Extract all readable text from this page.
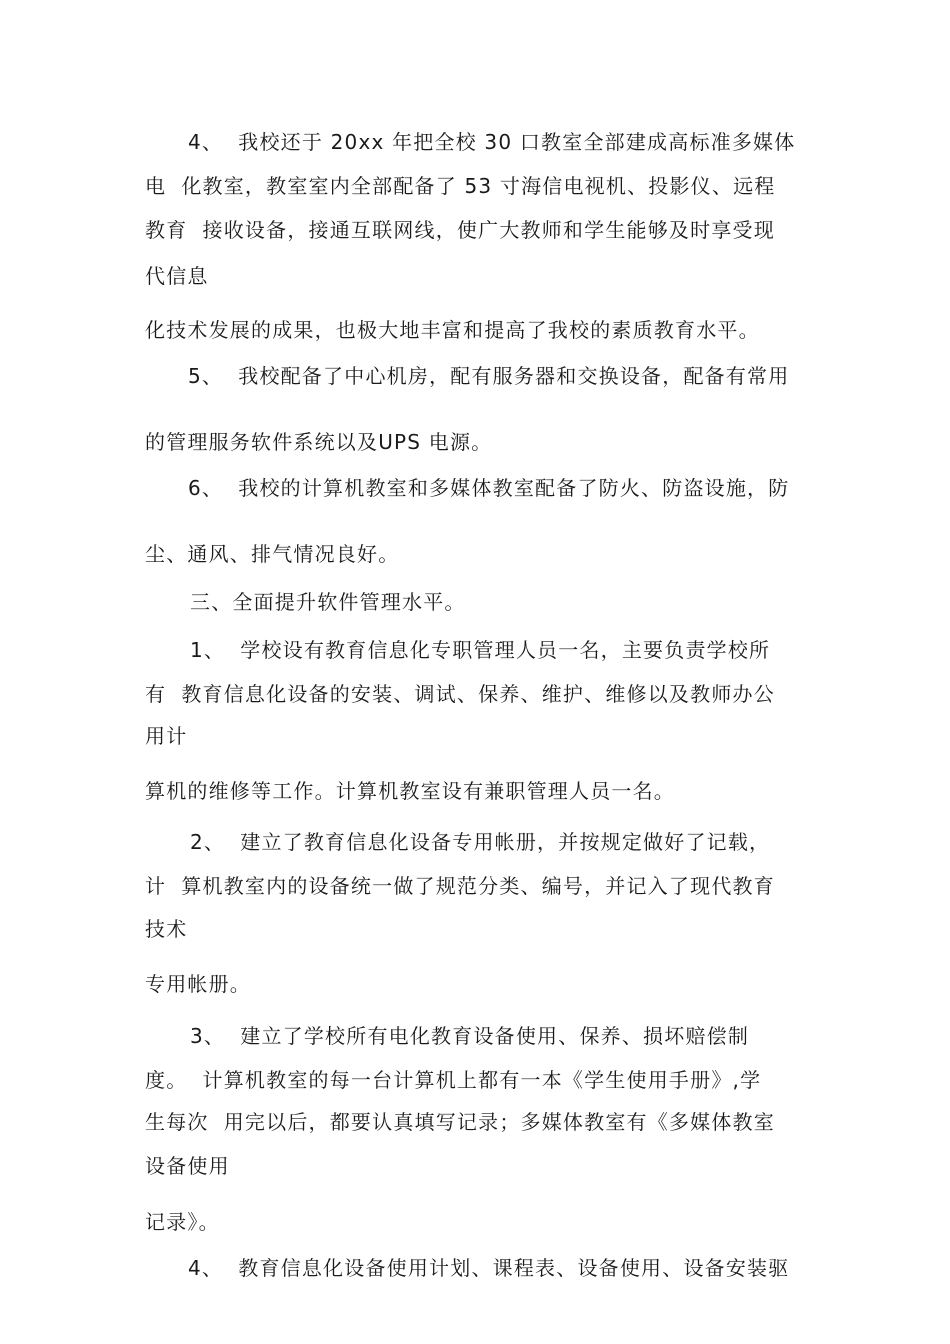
4、  我校还于 20xx 年把全校 30 口教室全部建成高标准多媒体
电  化教室，教室室内全部配备了 53 寸海信电视机、投影仪、远程
教育  接收设备，接通互联网线，使广大教师和学生能够及时享受现
代信息
化技术发展的成果，也极大地丰富和提高了我校的素质教育水平。
5、  我校配备了中心机房，配有服务器和交换设备，配备有常用
的管理服务软件系统以及UPS 电源。
6、  我校的计算机教室和多媒体教室配备了防火、防盗设施，防
尘、通风、排气情况良好。
三、全面提升软件管理水平。
1、  学校设有教育信息化专职管理人员一名，主要负责学校所
有  教育信息化设备的安装、调试、保养、维护、维修以及教师办公
用计
算机的维修等工作。计算机教室设有兼职管理人员一名。
2、  建立了教育信息化设备专用帐册，并按规定做好了记载，
计  算机教室内的设备统一做了规范分类、编号，并记入了现代教育
技术
专用帐册。
3、  建立了学校所有电化教育设备使用、保养、损坏赔偿制
度。  计算机教室的每一台计算机上都有一本《学生使用手册》,学
生每次  用完以后，都要认真填写记录；多媒体教室有《多媒体教室
设备使用
记录》。
4、  教育信息化设备使用计划、课程表、设备使用、设备安装驱
